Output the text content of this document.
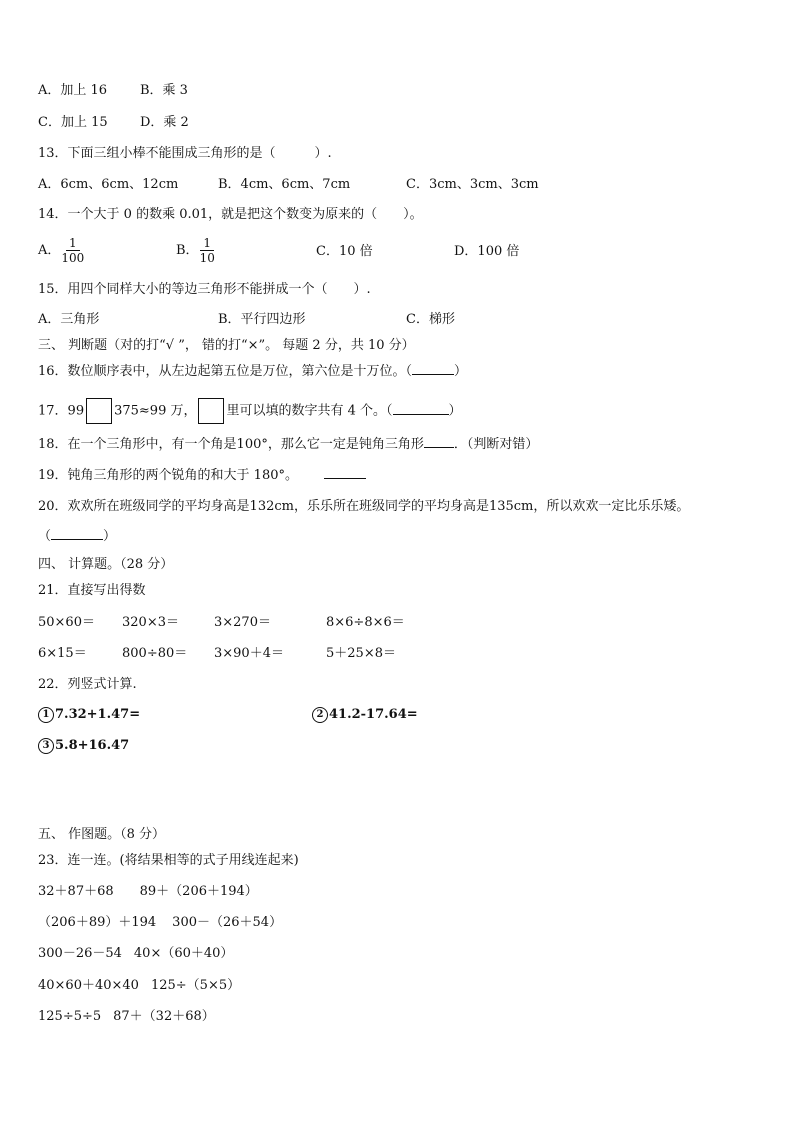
A．加上 16	B．乘 3
C．加上 15 D．乘 2
13．下面三组小棒不能围成三角形的是（　　　）.
A．6cm、6cm、12cm	B．4cm、6cm、7cm	C．3cm、3cm、3cm
14．一个大于 0 的数乘 0.01，就是把这个数变为原来的（　　）。
A． $\frac{1}{100}$	B． $\frac{1}{10}$	C．10 倍	D．100 倍
15．用四个同样大小的等边三角形不能拼成一个（　　）.
A．三角形	B．平行四边形	C．梯形
三、 判断题（对的打“√ ”， 错的打“×”。 每题 2 分，共 10 分）
16．数位顺序表中，从左边起第五位是万位，第六位是十万位。（	）
17．99 375≈99 万， 里可以填的数字共有 4 个。（	）
18．在一个三角形中，有一个角是100°，那么它一定是钝角三角形 ．（判断对错）
19．钝角三角形的两个锐角的和大于 180°。
20．欢欢所在班级同学的平均身高是132cm，乐乐所在班级同学的平均身高是135cm，所以欢欢一定比乐乐矮。
（	）
四、 计算题。（28 分）
21．直接写出得数
50×60＝ 320×3＝	3×270＝	8×6÷8×6＝
6×15＝	800÷80＝ 3×90＋4＝	5＋25×8＝
22．列竖式计算.
1 7.32+1.47=	2 41.2-17.64=
3 5.8+16.47
五、 作图题。（8 分）
23．连一连。(将结果相等的式子用线连起来)
32＋87＋68 89＋（206＋194）
（206＋89）＋194 300－（26＋54）
300－26－54 40×（60＋40）
40×60＋40×40 125÷（5×5）
125÷5÷5 87＋（32＋68）
